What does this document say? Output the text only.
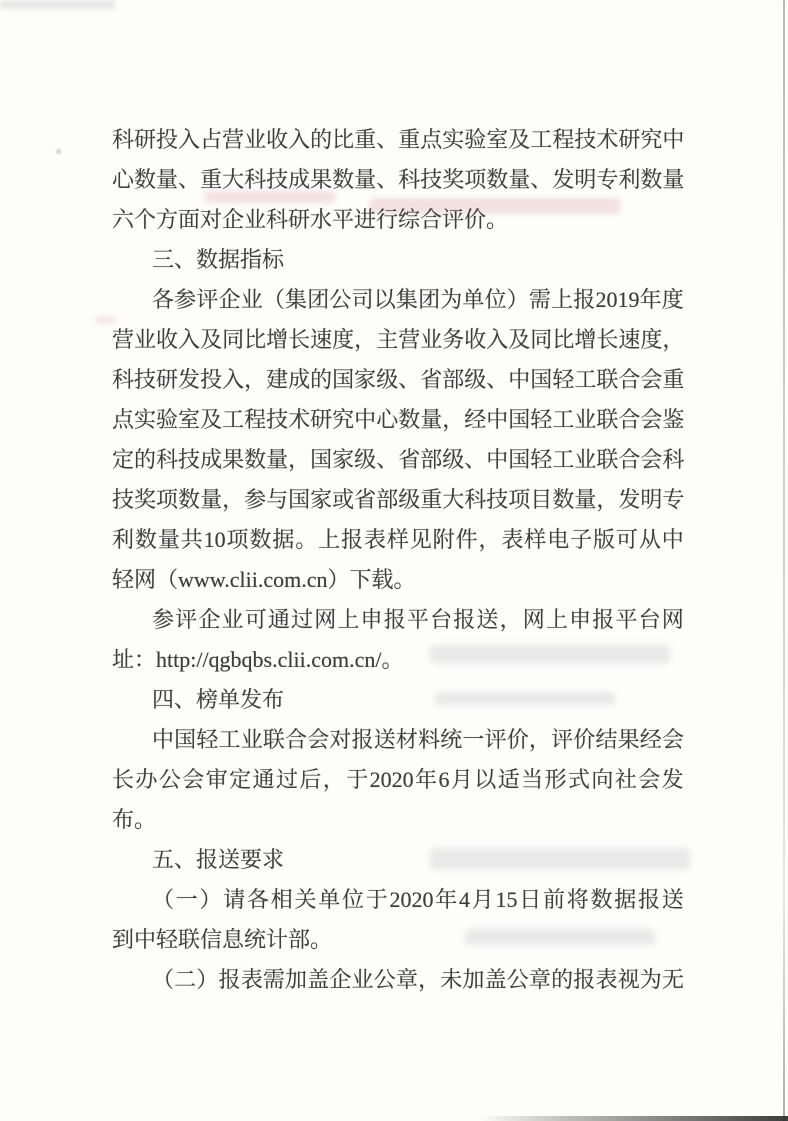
科 研 投 入 占 营 业 收 入 的 比 重 、 重 点 实 验 室 及 工 程 技 术 研 究 中
心 数 量 、 重 大 科 技 成 果 数 量 、 科 技 奖 项 数 量 、 发 明 专 利 数 量
六个方面对企业科研水平进行综合评价。
三、数据指标
各 参 评 企 业 （ 集 团 公 司 以 集 团 为 单 位 ） 需 上 报 2019 年 度
营 业 收 入 及 同 比 增 长 速 度 ， 主 营 业 务 收 入 及 同 比 增 长 速 度 ，
科 技 研 发 投 入 ， 建 成 的 国 家 级 、 省 部 级 、 中 国 轻 工 联 合 会 重
点 实 验 室 及 工 程 技 术 研 究 中 心 数 量 ， 经 中 国 轻 工 业 联 合 会 鉴
定 的 科 技 成 果 数 量 ， 国 家 级 、 省 部 级 、 中 国 轻 工 业 联 合 会 科
技 奖 项 数 量 ， 参 与 国 家 或 省 部 级 重 大 科 技 项 目 数 量 ， 发 明 专
利 数 量 共 10 项 数 据 。 上 报 表 样 见 附 件 ， 表 样 电 子 版 可 从 中
轻网（www.clii.com.cn）下载。
参 评 企 业 可 通 过 网 上 申 报 平 台 报 送 ， 网 上 申 报 平 台 网
址：http://qgbqbs.clii.com.cn/。
四、榜单发布
中 国 轻 工 业 联 合 会 对 报 送 材 料 统 一 评 价 ， 评 价 结 果 经 会
长 办 公 会 审 定 通 过 后 ， 于 2020 年 6 月 以 适 当 形 式 向 社 会 发
布。
五、报送要求
（ 一 ） 请 各 相 关 单 位 于 2020 年 4 月 15 日 前 将 数 据 报 送
到中轻联信息统计部。
（ 二 ） 报 表 需 加 盖 企 业 公 章 ， 未 加 盖 公 章 的 报 表 视 为 无
